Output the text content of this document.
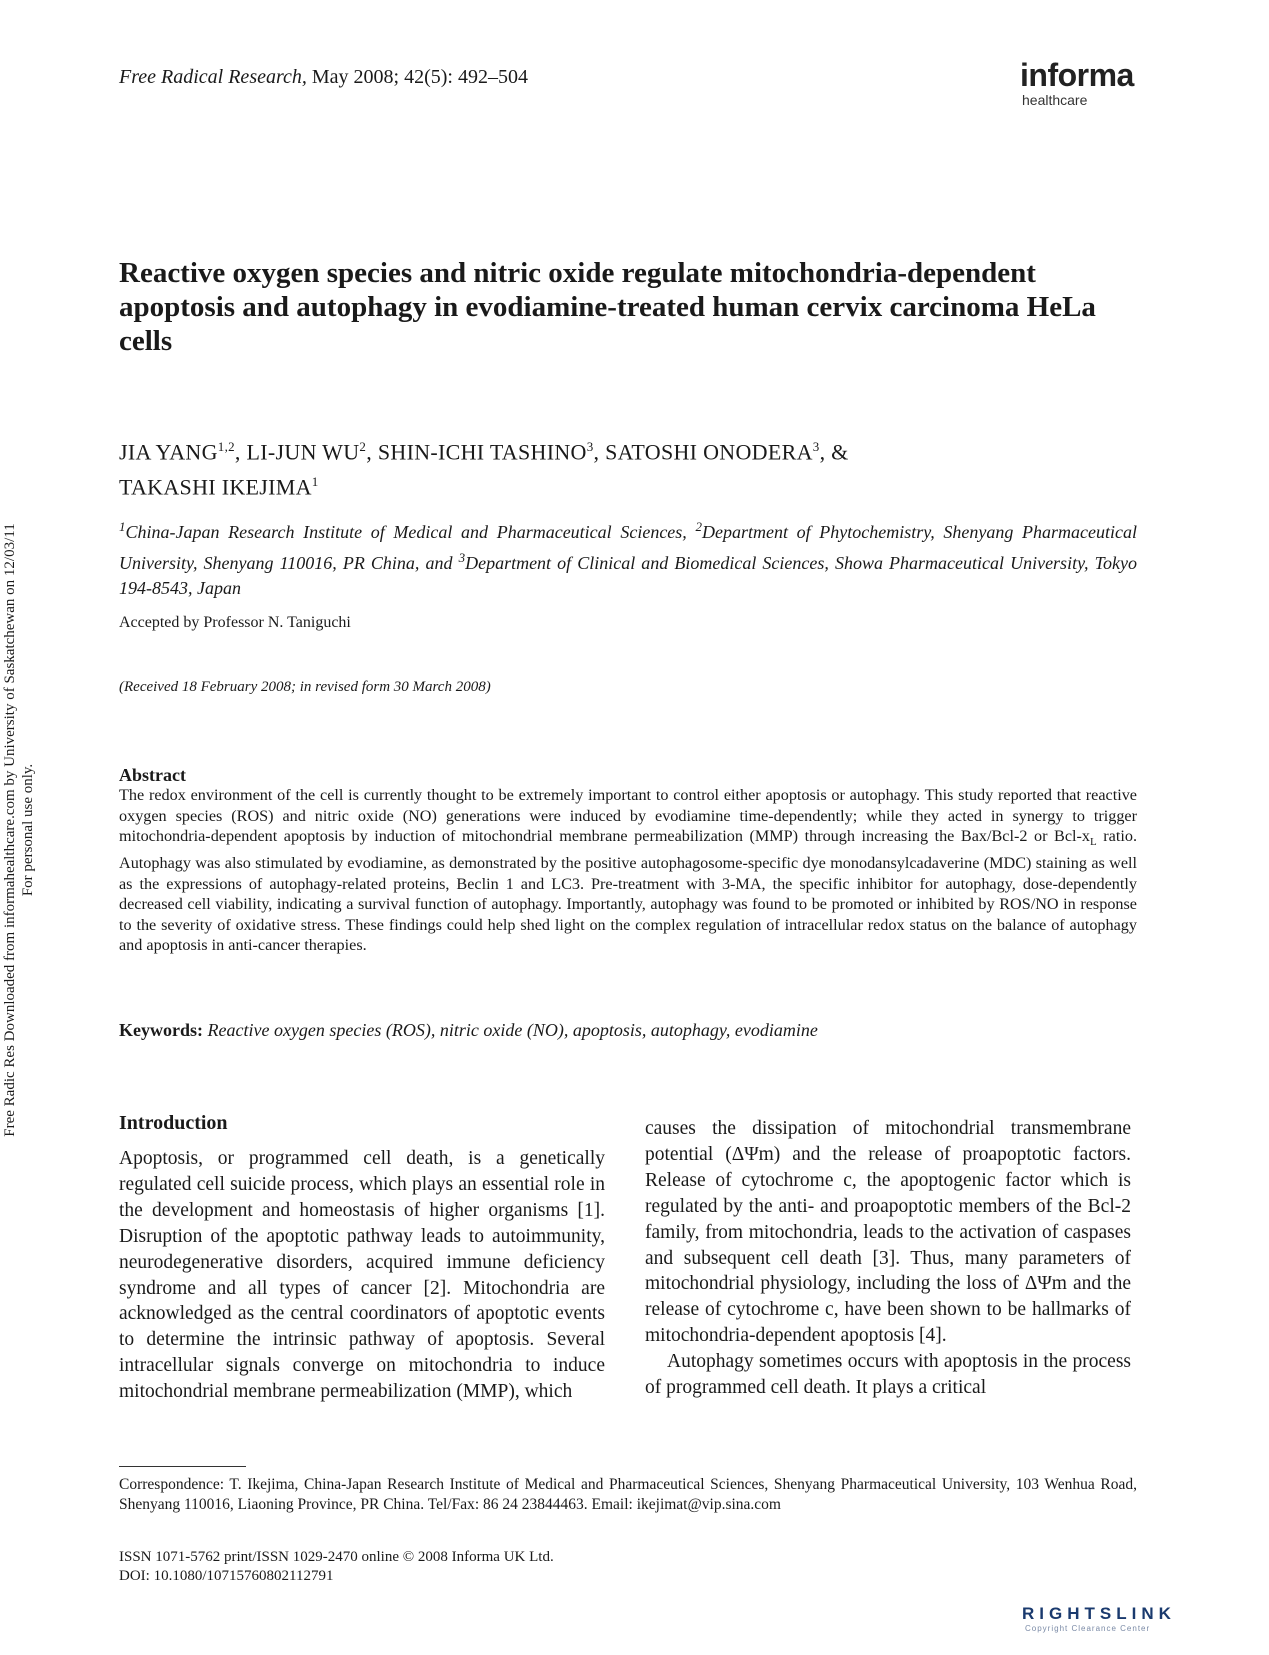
Free Radical Research, May 2008; 42(5): 492–504	informa
healthcare
Reactive oxygen species and nitric oxide regulate mitochondria-dependent apoptosis and autophagy in evodiamine-treated human cervix carcinoma HeLa cells
JIA YANG$^{1,2}$, LI-JUN $WU^2$, SHIN-ICHI TASHINO$^3$, SATOSHI ONODERA$^3$, &
TAKASHI IKEJIMA$^1$
$^1$China-Japan Research Institute of Medical and Pharmaceutical Sciences, $^2$Department of Phytochemistry, Shenyang Pharmaceutical University, Shenyang 110016, PR China, and $^3$Department of Clinical and Biomedical Sciences, Showa Pharmaceutical University, Tokyo 194-8543, Japan
Accepted by Professor N. Taniguchi
(Received 18 February 2008; in revised form 30 March 2008)
Abstract
The redox environment of the cell is currently thought to be extremely important to control either apoptosis or autophagy. This study reported that reactive oxygen species (ROS) and nitric oxide (NO) generations were induced by evodiamine time-dependently; while they acted in synergy to trigger mitochondria-dependent apoptosis by induction of mitochondrial membrane permeabilization (MMP) through increasing the Bax/Bcl-2 or Bcl-$x_L$ ratio. Autophagy was also stimulated by evodiamine, as demonstrated by the positive autophagosome-specific dye monodansylcadaverine (MDC) staining as well as the expressions of autophagy-related proteins, Beclin 1 and LC3. Pre-treatment with 3-MA, the specific inhibitor for autophagy, dose-dependently decreased cell viability, indicating a survival function of autophagy. Importantly, autophagy was found to be promoted or inhibited by ROS/NO in response to the severity of oxidative stress. These findings could help shed light on the complex regulation of intracellular redox status on the balance of autophagy and apoptosis in anti-cancer therapies.
Keywords: Reactive oxygen species (ROS), nitric oxide (NO), apoptosis, autophagy, evodiamine
Introduction

Apoptosis, or programmed cell death, is a genetically regulated cell suicide process, which plays an essential role in the development and homeostasis of higher organisms [1]. Disruption of the apoptotic pathway leads to autoimmunity, neurodegenerative disorders, acquired immune deficiency syndrome and all types of cancer [2]. Mitochondria are acknowledged as the central coordinators of apoptotic events to determine the intrinsic pathway of apoptosis. Several intracellular signals converge on mitochondria to induce mitochondrial membrane permeabilization (MMP), which

causes the dissipation of mitochondrial transmembrane potential (ΔΨm) and the release of proapoptotic factors. Release of cytochrome c, the apoptogenic factor which is regulated by the anti- and proapoptotic members of the Bcl-2 family, from mitochondria, leads to the activation of caspases and subsequent cell death [3]. Thus, many parameters of mitochondrial physiology, including the loss of ΔΨm and the release of cytochrome c, have been shown to be hallmarks of mitochondria-dependent apoptosis [4].

Autophagy sometimes occurs with apoptosis in the process of programmed cell death. It plays a critical

Correspondence: T. Ikejima, China-Japan Research Institute of Medical and Pharmaceutical Sciences, Shenyang Pharmaceutical University, 103 Wenhua Road, Shenyang 110016, Liaoning Province, PR China. Tel/Fax: 86 24 23844463. Email: ikejimat@vip.sina.com
ISSN 1071-5762 print/ISSN 1029-2470 online © 2008 Informa UK Ltd.
DOI: 10.1080/10715760802112791
RIGHTSLINK
Copyright Clearance Center
Free Radic Res Downloaded from informahealthcare.com by University of Saskatchewan on 12/03/11 For personal use only.
